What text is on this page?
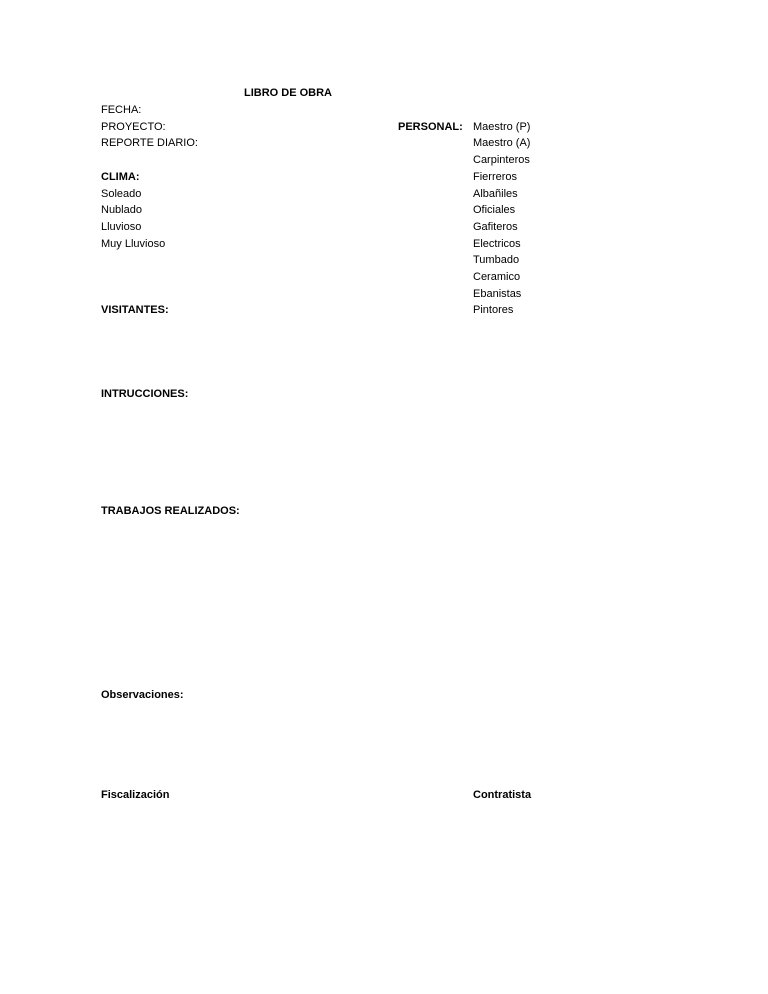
LIBRO DE OBRA
FECHA:
PROYECTO:
REPORTE DIARIO:
CLIMA:
Soleado
Nublado
Lluvioso
Muy Lluvioso
PERSONAL: Maestro (P)
Maestro (A)
Carpinteros
Fierreros
Albañiles
Oficiales
Gafiteros
Electricos
Tumbado
Ceramico
Ebanistas
Pintores
VISITANTES:
INTRUCCIONES:
TRABAJOS REALIZADOS:
Observaciones:
Fiscalización	Contratista
